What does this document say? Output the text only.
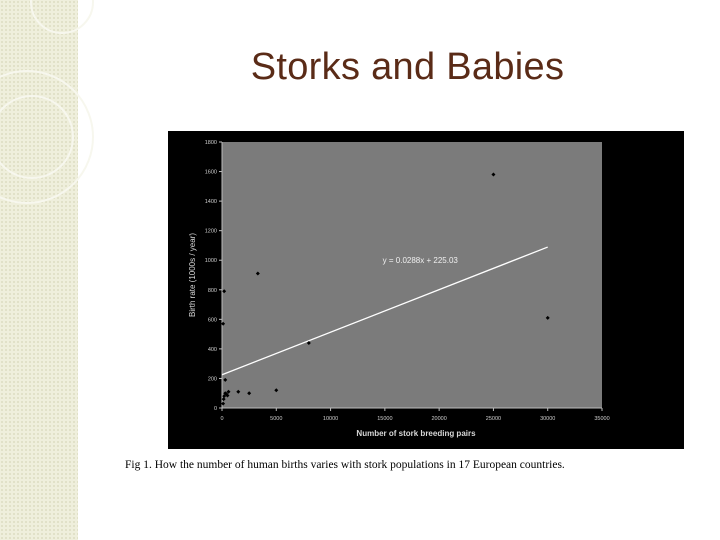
Storks and Babies
0
200
400
600
800
1000
1200
1400
1600
1800
0	5000	10000	15000	20000	25000	30000	35000
Number of stork breeding pairs
Birth rate (1000s / year)	y = 0.0288x + 225.03
Fig 1. How the number of human births varies with stork populations in 17 European countries.
